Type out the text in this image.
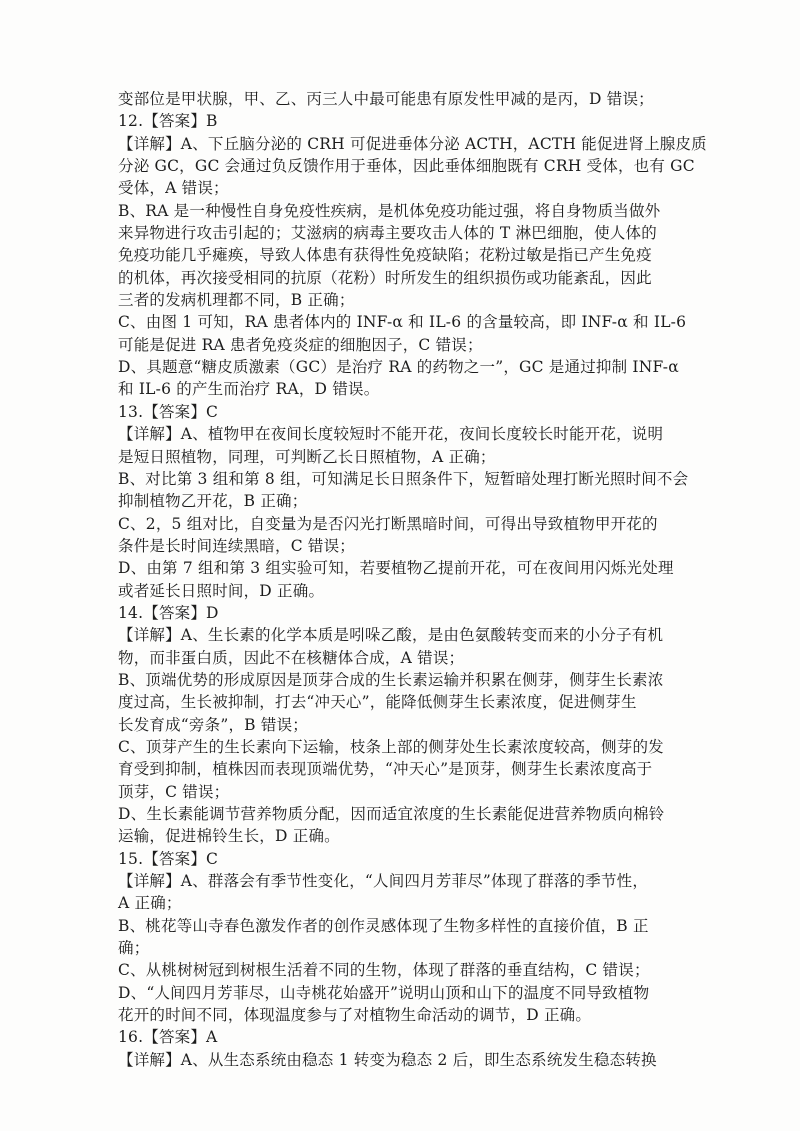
变部位是甲状腺，甲、乙、丙三人中最可能患有原发性甲减的是丙，D 错误；
12.【答案】B
【详解】A、下丘脑分泌的 CRH 可促进垂体分泌 ACTH，ACTH 能促进肾上腺皮质
分泌 GC，GC 会通过负反馈作用于垂体，因此垂体细胞既有 CRH 受体，也有 GC
受体，A 错误；
B、RA 是一种慢性自身免疫性疾病，是机体免疫功能过强，将自身物质当做外
来异物进行攻击引起的；艾滋病的病毒主要攻击人体的 T 淋巴细胞，使人体的
免疫功能几乎瘫痪，导致人体患有获得性免疫缺陷；花粉过敏是指已产生免疫
的机体，再次接受相同的抗原（花粉）时所发生的组织损伤或功能紊乱，因此
三者的发病机理都不同，B 正确；
C、由图 1 可知，RA 患者体内的 INF-α 和 IL-6 的含量较高，即 INF-α 和 IL-6
可能是促进 RA 患者免疫炎症的细胞因子，C 错误；
D、具题意“糖皮质激素（GC）是治疗 RA 的药物之一”，GC 是通过抑制 INF-α
和 IL-6 的产生而治疗 RA，D 错误。
13.【答案】C
【详解】A、植物甲在夜间长度较短时不能开花，夜间长度较长时能开花，说明
是短日照植物，同理，可判断乙长日照植物，A 正确；
B、对比第 3 组和第 8 组，可知满足长日照条件下，短暂暗处理打断光照时间不会
抑制植物乙开花，B 正确；
C、2，5 组对比，自变量为是否闪光打断黑暗时间，可得出导致植物甲开花的
条件是长时间连续黑暗，C 错误；
D、由第 7 组和第 3 组实验可知，若要植物乙提前开花，可在夜间用闪烁光处理
或者延长日照时间，D 正确。
14.【答案】D
【详解】A、生长素的化学本质是吲哚乙酸，是由色氨酸转变而来的小分子有机
物，而非蛋白质，因此不在核糖体合成，A 错误；
B、顶端优势的形成原因是顶芽合成的生长素运输并积累在侧芽，侧芽生长素浓
度过高，生长被抑制，打去“冲天心”，能降低侧芽生长素浓度，促进侧芽生
长发育成“旁条”，B 错误；
C、顶芽产生的生长素向下运输，枝条上部的侧芽处生长素浓度较高，侧芽的发
育受到抑制，植株因而表现顶端优势，“冲天心”是顶芽，侧芽生长素浓度高于
顶芽，C 错误；
D、生长素能调节营养物质分配，因而适宜浓度的生长素能促进营养物质向棉铃
运输，促进棉铃生长，D 正确。
15.【答案】C
【详解】A、群落会有季节性变化，“人间四月芳菲尽”体现了群落的季节性，
A 正确；
B、桃花等山寺春色激发作者的创作灵感体现了生物多样性的直接价值，B 正
确；
C、从桃树树冠到树根生活着不同的生物，体现了群落的垂直结构，C 错误；
D、“人间四月芳菲尽，山寺桃花始盛开”说明山顶和山下的温度不同导致植物
花开的时间不同，体现温度参与了对植物生命活动的调节，D 正确。
16.【答案】A
【详解】A、从生态系统由稳态 1 转变为稳态 2 后，即生态系统发生稳态转换
